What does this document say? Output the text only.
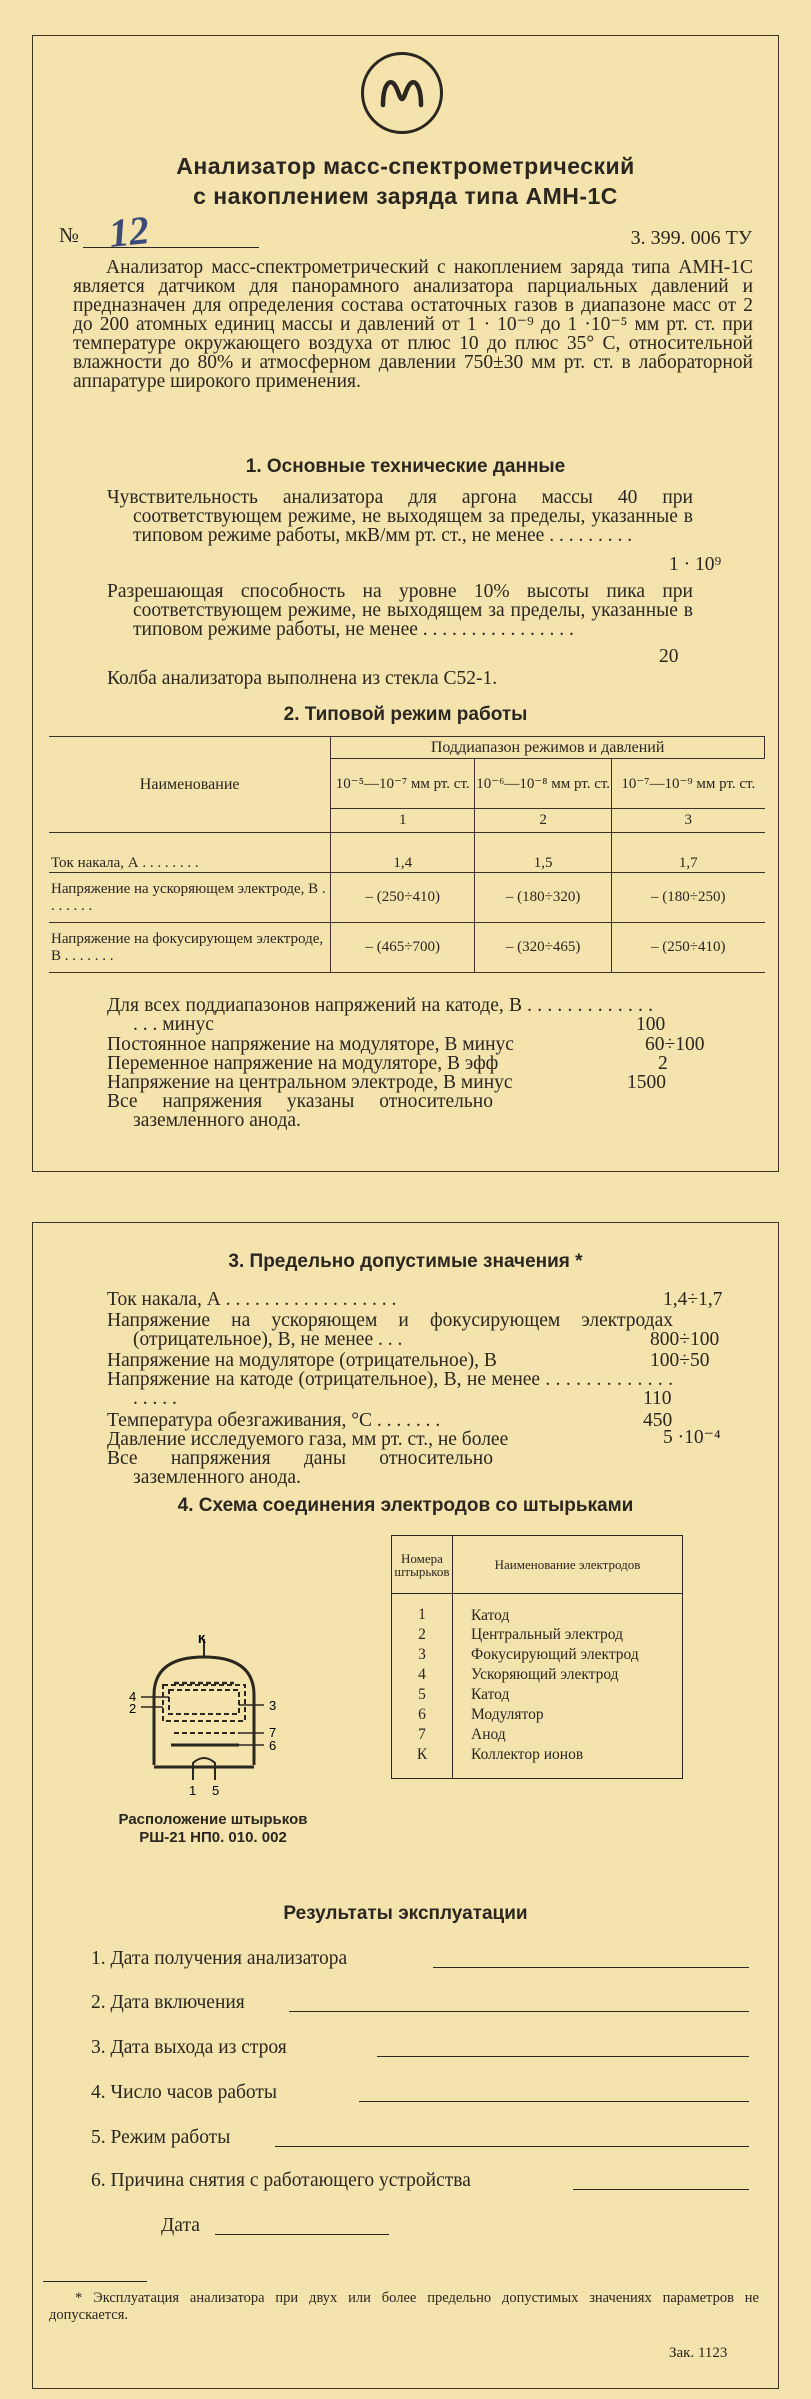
Анализатор масс-спектрометрический
с накоплением заряда типа АМН-1С
№ 12	3. 399. 006 ТУ
Анализатор масс-спектрометрический с накоплением заряда типа АМН-1С является датчиком для панорамного анализатора парциальных давлений и предназначен для определения состава остаточных газов в диапазоне масс от 2 до 200 атомных единиц массы и давлений от 1 · 10⁻⁹ до 1 ·10⁻⁵ мм рт. ст. при температуре окружающего воздуха от плюс 10 до плюс 35° С, относительной влажности до 80% и атмосферном давлении 750±30 мм рт. ст. в лабораторной аппаратуре широкого применения.
1. Основные технические данные
Чувствительность анализатора для аргона массы 40 при соответствующем режиме, не выходящем за пределы, указанные в типовом режиме работы, мкВ/мм рт. ст., не менее . . . . . . . . .
1 · 10⁹
Разрешающая способность на уровне 10% высоты пика при соответствующем режиме, не выходящем за пределы, указанные в типовом режиме работы, не менее . . . . . . . . . . . . . . . .
20
Колба анализатора выполнена из стекла С52-1.
2. Типовой режим работы
Наименование	Поддиапазон режимов и давлений		
	10⁻⁵—10⁻⁷ мм рт. ст.	10⁻⁶—10⁻⁸ мм рт. ст.	10⁻⁷—10⁻⁹ мм рт. ст.
	1	2	3
Ток накала, А . . . . . . . .	1,4	1,5	1,7
Напряжение на ускоряющем электроде, В . . . . . . .	– (250÷410)	– (180÷320)	– (180÷250)
Напряжение на фокусирующем электроде, В . . . . . . .	– (465÷700)	– (320÷465)	– (250÷410)
Для всех поддиапазонов напряжений на катоде, В . . . . . . . . . . . . . . . . минус	100
Постоянное напряжение на модуляторе, В минус	60÷100
Переменное напряжение на модуляторе, В эфф	2
Напряжение на центральном электроде, В минус	1500
Все напряжения указаны относительно заземленного анода.
3. Предельно допустимые значения *
Ток накала, А . . . . . . . . . . . . . . . . . .	1,4÷1,7
Напряжение на ускоряющем и фокусирующем электродах (отрицательное), В, не менее . . .	800÷100
Напряжение на модуляторе (отрицательное), В	100÷50
Напряжение на катоде (отрицательное), В, не менее . . . . . . . . . . . . . . . . . .	110
Температура обезгаживания, °С . . . . . . .	450
Давление исследуемого газа, мм рт. ст., не более	5 ·10⁻⁴
Все напряжения даны относительно заземленного анода.
4. Схема соединения электродов со штырьками
К
4
2	3
7
6
1 5
Расположение штырьков
РШ-21 НП0. 010. 002
Номера штырьков	Наименование электродов
1	Катод
2	Центральный электрод
3	Фокусирующий электрод
4	Ускоряющий электрод
5	Катод
6	Модулятор
7	Анод
К	Коллектор ионов
Результаты эксплуатации
1. Дата получения анализатора
2. Дата включения
3. Дата выхода из строя
4. Число часов работы
5. Режим работы
6. Причина снятия с работающего устройства
Дата
* Эксплуатация анализатора при двух или более предельно допустимых значениях параметров не допускается.
Зак. 1123
